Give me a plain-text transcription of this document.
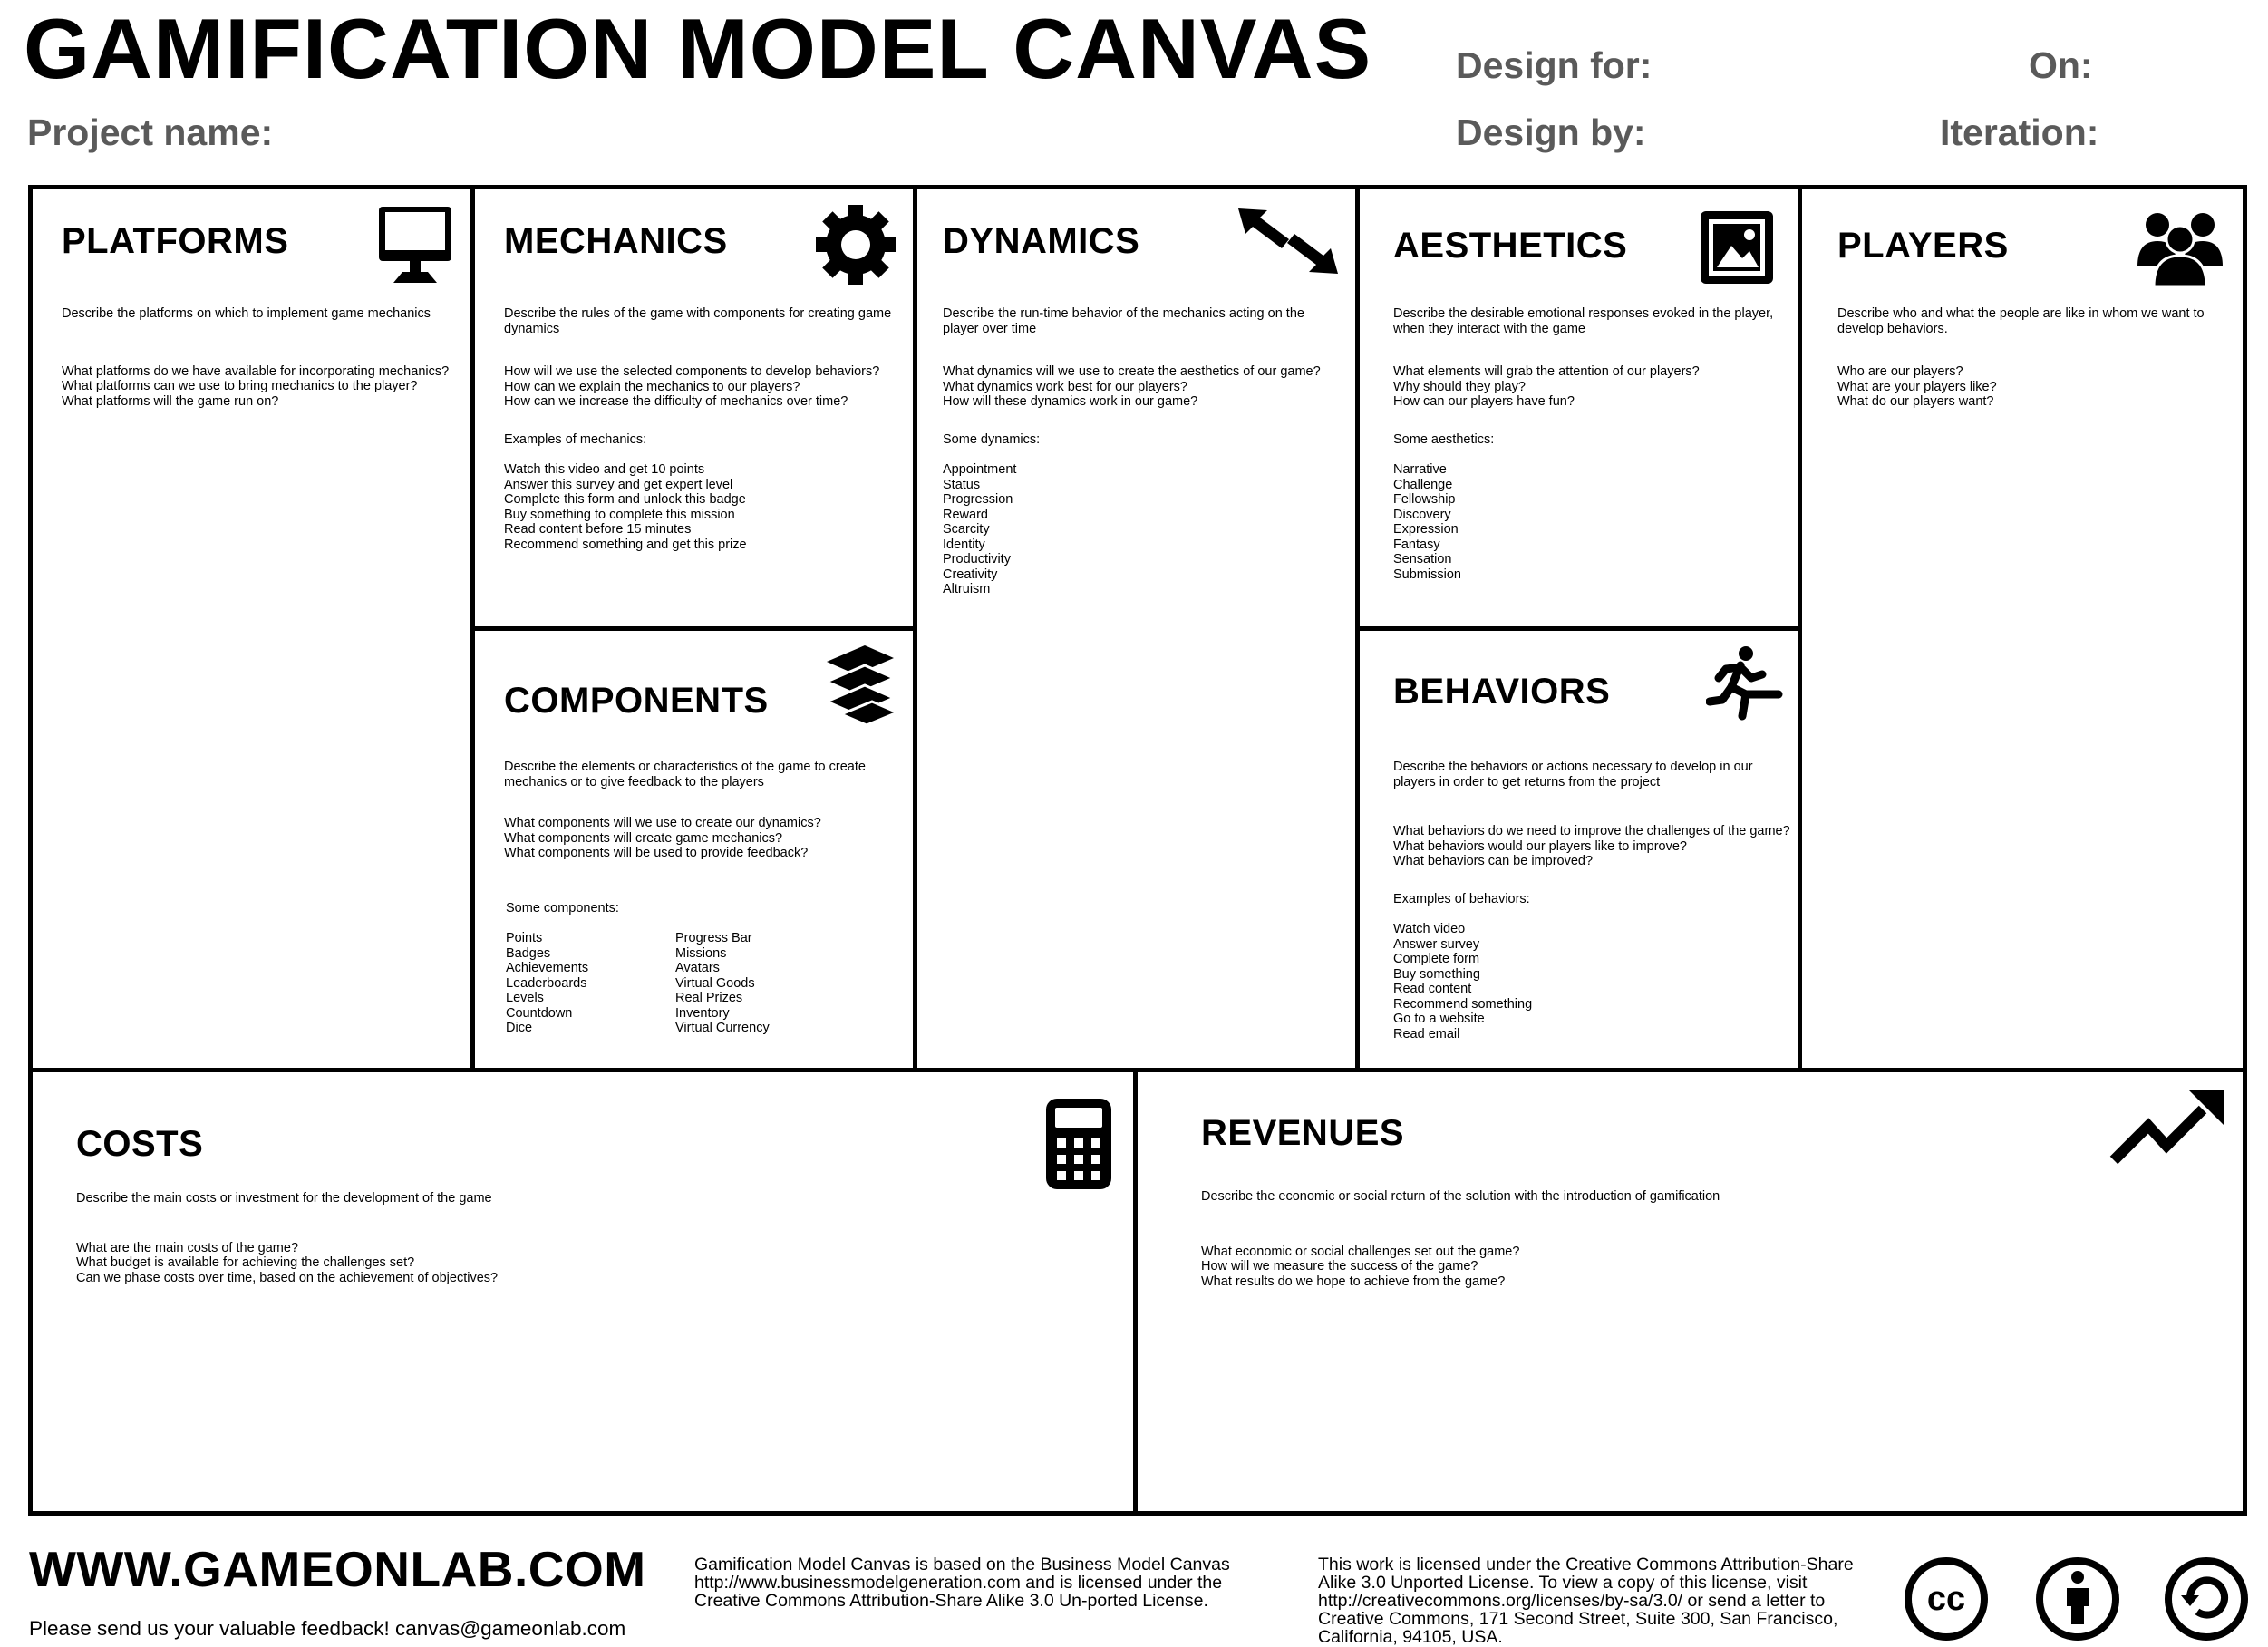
GAMIFICATION MODEL CANVAS
Project name:
Design for:
Design by:
On:
Iteration:
PLATFORMS

Describe the platforms on which to implement game mechanics

What platforms do we have available for incorporating mechanics?
What platforms can we use to bring mechanics to the player?
What platforms will the game run on?
MECHANICS

Describe the rules of the game with components for creating game dynamics

How will we use the selected components to develop behaviors?
How can we explain the mechanics to our players?
How can we increase the difficulty of mechanics over time?

Examples of mechanics:

Watch this video and get 10 points
Answer this survey and get expert level
Complete this form and unlock this badge
Buy something to complete this mission
Read content before 15 minutes
Recommend something and get this prize
COMPONENTS

Describe the elements or characteristics of the game to create mechanics or to give feedback to the players

What components will we use to create our dynamics?
What components will create game mechanics?
What components will be used to provide feedback?

Some components:

Points
Badges
Achievements
Leaderboards
Levels
Countdown
Dice
Progress Bar
Missions
Avatars
Virtual Goods
Real Prizes
Inventory
Virtual Currency
DYNAMICS

Describe the run-time behavior of the mechanics acting on the player over time

What dynamics will we use to create the aesthetics of our game?
What dynamics work best for our players?
How will these dynamics work in our game?

Some dynamics:

Appointment
Status
Progression
Reward
Scarcity
Identity
Productivity
Creativity
Altruism
AESTHETICS

Describe the desirable emotional responses evoked in the player, when they interact with the game

What elements will grab the attention of our players?
Why should they play?
How can our players have fun?

Some aesthetics:

Narrative
Challenge
Fellowship
Discovery
Expression
Fantasy
Sensation
Submission
BEHAVIORS

Describe the behaviors or actions necessary to develop in our players in order to get returns from the project

What behaviors do we need to improve the challenges of the game?
What behaviors would our players like to improve?
What behaviors can be improved?

Examples of behaviors:

Watch video
Answer survey
Complete form
Buy something
Read content
Recommend something
Go to a website
Read email
PLAYERS

Describe who and what the people are like in whom we want to develop behaviors.

Who are our players?
What are your players like?
What do our players want?
COSTS

Describe the main costs or investment for the development of the game

What are the main costs of the game?
What budget is available for achieving the challenges set?
Can we phase costs over time, based on the achievement of objectives?
REVENUES

Describe the economic or social return of the solution with the introduction of gamification

What economic or social challenges set out the game?
How will we measure the success of the game?
What results do we hope to achieve from the game?
WWW.GAMEONLAB.COM
Please send us your valuable feedback! canvas@gameonlab.com
Gamification Model Canvas is based on the Business Model Canvas http://www.businessmodelgeneration.com and is licensed under the Creative Commons Attribution-Share Alike 3.0 Un-ported License.
This work is licensed under the Creative Commons Attribution-Share Alike 3.0 Unported License. To view a copy of this license, visit http://creativecommons.org/licenses/by-sa/3.0/ or send a letter to Creative Commons, 171 Second Street, Suite 300, San Francisco, California, 94105, USA.
cc
